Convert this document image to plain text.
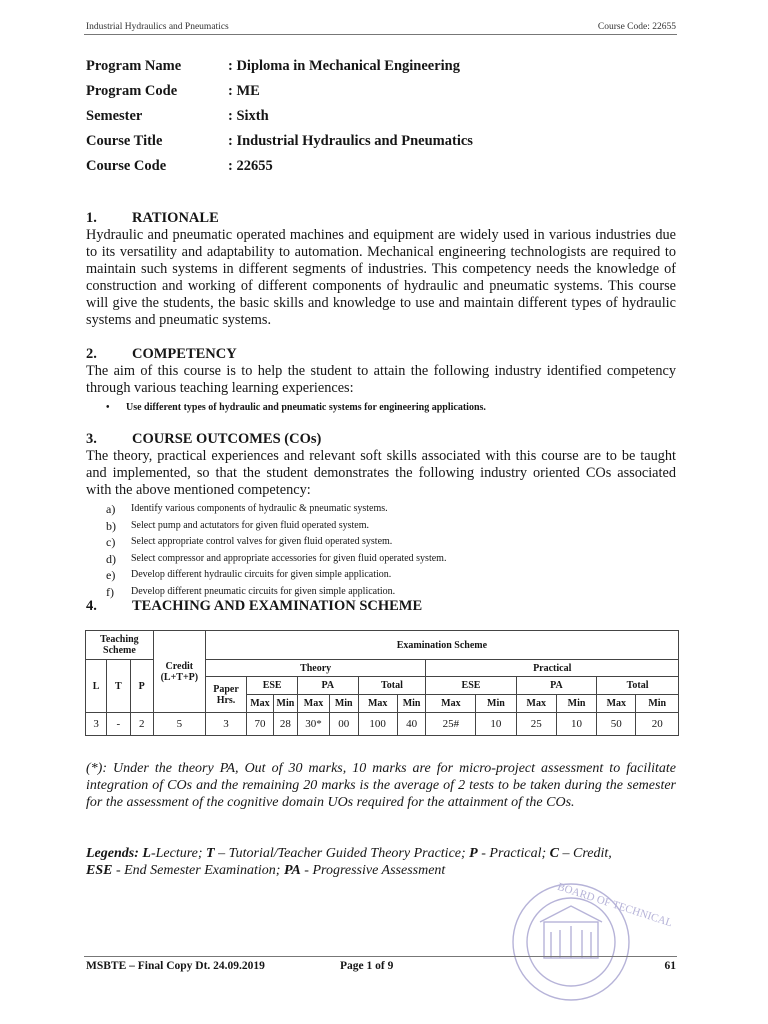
Industrial Hydraulics and Pneumatics	Course Code: 22655
Program Name	: Diploma in Mechanical Engineering
Program Code	: ME
Semester	: Sixth
Course Title	: Industrial Hydraulics and Pneumatics
Course Code	: 22655
1. RATIONALE
Hydraulic and pneumatic operated machines and equipment are widely used in various industries due to its versatility and adaptability to automation. Mechanical engineering technologists are required to maintain such systems in different segments of industries. This competency needs the knowledge of construction and working of different components of hydraulic and pneumatic systems. This course will give the students, the basic skills and knowledge to use and maintain different types of hydraulic systems and pneumatic systems.
2. COMPETENCY
The aim of this course is to help the student to attain the following industry identified competency through various teaching learning experiences:
• Use different types of hydraulic and pneumatic systems for engineering applications.
3. COURSE OUTCOMES (COs)
The theory, practical experiences and relevant soft skills associated with this course are to be taught and implemented, so that the student demonstrates the following industry oriented COs associated with the above mentioned competency:
a)	Identify various components of hydraulic & pneumatic systems.
b)	Select pump and actutators for given fluid operated system.
c)	Select appropriate control valves for given fluid operated system.
d)	Select compressor and appropriate accessories for given fluid operated system.
e)	Develop different hydraulic circuits for given simple application.
f)	Develop different pneumatic circuits for given simple application.
4. TEACHING AND EXAMINATION SCHEME
Teaching Scheme			Credit (L+T+P)	Examination Scheme												
L	T	P		Theory							Practical					
				Paper Hrs.	ESE		PA		Total		ESE		PA		Total	
					Max	Min	Max	Min	Max	Min	Max	Min	Max	Min	Max	Min
3	-	2	5	3	70	28	30*	00	100	40	25#	10	25	10	50	20
(*): Under the theory PA, Out of 30 marks, 10 marks are for micro-project assessment to facilitate integration of COs and the remaining 20 marks is the average of 2 tests to be taken during the semester for the assessment of the cognitive domain UOs required for the attainment of the COs.
Legends: L-Lecture; T – Tutorial/Teacher Guided Theory Practice; P - Practical; C – Credit,
ESE - End Semester Examination; PA - Progressive Assessment
BOARD OF TECHNICAL
MSBTE – Final Copy Dt. 24.09.2019	Page 1 of 9	61
